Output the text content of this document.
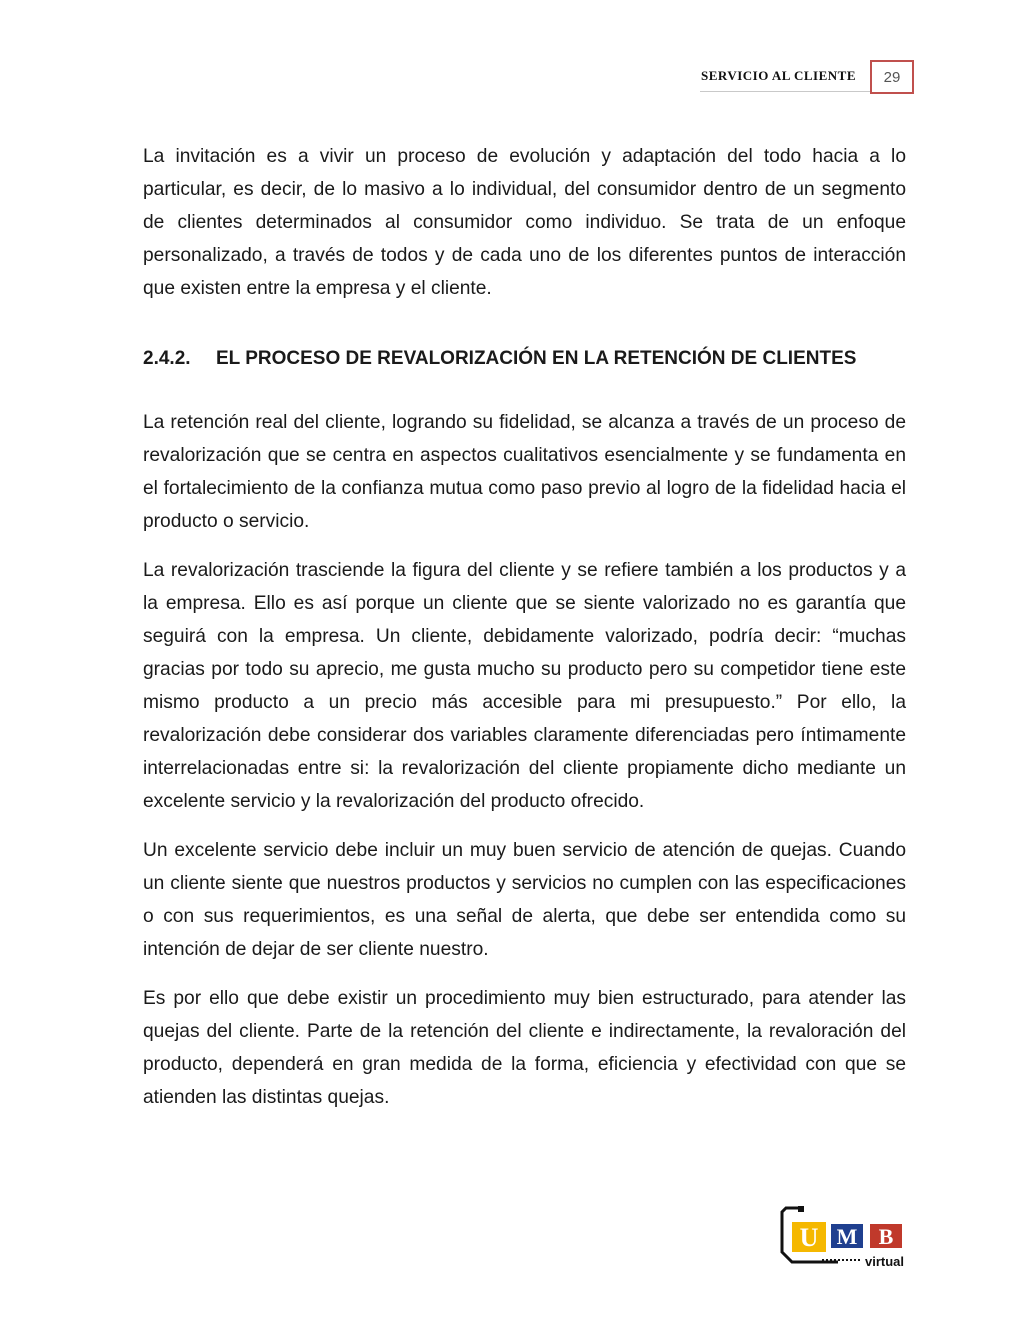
SERVICIO AL CLIENTE	29

La invitación es a vivir un proceso de evolución y adaptación del todo hacia a lo particular, es decir, de lo masivo a lo individual, del consumidor dentro de un segmento de clientes determinados al consumidor como individuo. Se trata de un enfoque personalizado, a través de todos y de cada uno de los diferentes puntos de interacción que existen entre la empresa y el cliente.

2.4.2.	EL PROCESO DE REVALORIZACIÓN EN LA RETENCIÓN DE CLIENTES

La retención real del cliente, logrando su fidelidad, se alcanza a través de un proceso de revalorización que se centra en aspectos cualitativos esencialmente y se fundamenta en el fortalecimiento de la confianza mutua como paso previo al logro de la fidelidad hacia el producto o servicio.

La revalorización trasciende la figura del cliente y se refiere también a los productos y a la empresa. Ello es así porque un cliente que se siente valorizado no es garantía que seguirá con la empresa. Un cliente, debidamente valorizado, podría decir: “muchas gracias por todo su aprecio, me gusta mucho su producto pero su competidor tiene este mismo producto a un precio más accesible para mi presupuesto.” Por ello, la revalorización debe considerar dos variables claramente diferenciadas pero íntimamente interrelacionadas entre si: la revalorización del cliente propiamente dicho mediante un excelente servicio y la revalorización del producto ofrecido.

Un excelente servicio debe incluir un muy buen servicio de atención de quejas. Cuando un cliente siente que nuestros productos y servicios no cumplen con las especificaciones o con sus requerimientos, es una señal de alerta, que debe ser entendida como su intención de dejar de ser cliente nuestro.

Es por ello que debe existir un procedimiento muy bien estructurado, para atender las quejas del cliente. Parte de la retención del cliente e indirectamente, la revaloración del producto, dependerá en gran medida de la forma, eficiencia y efectividad con que se atienden las distintas quejas.

U M B
virtual
